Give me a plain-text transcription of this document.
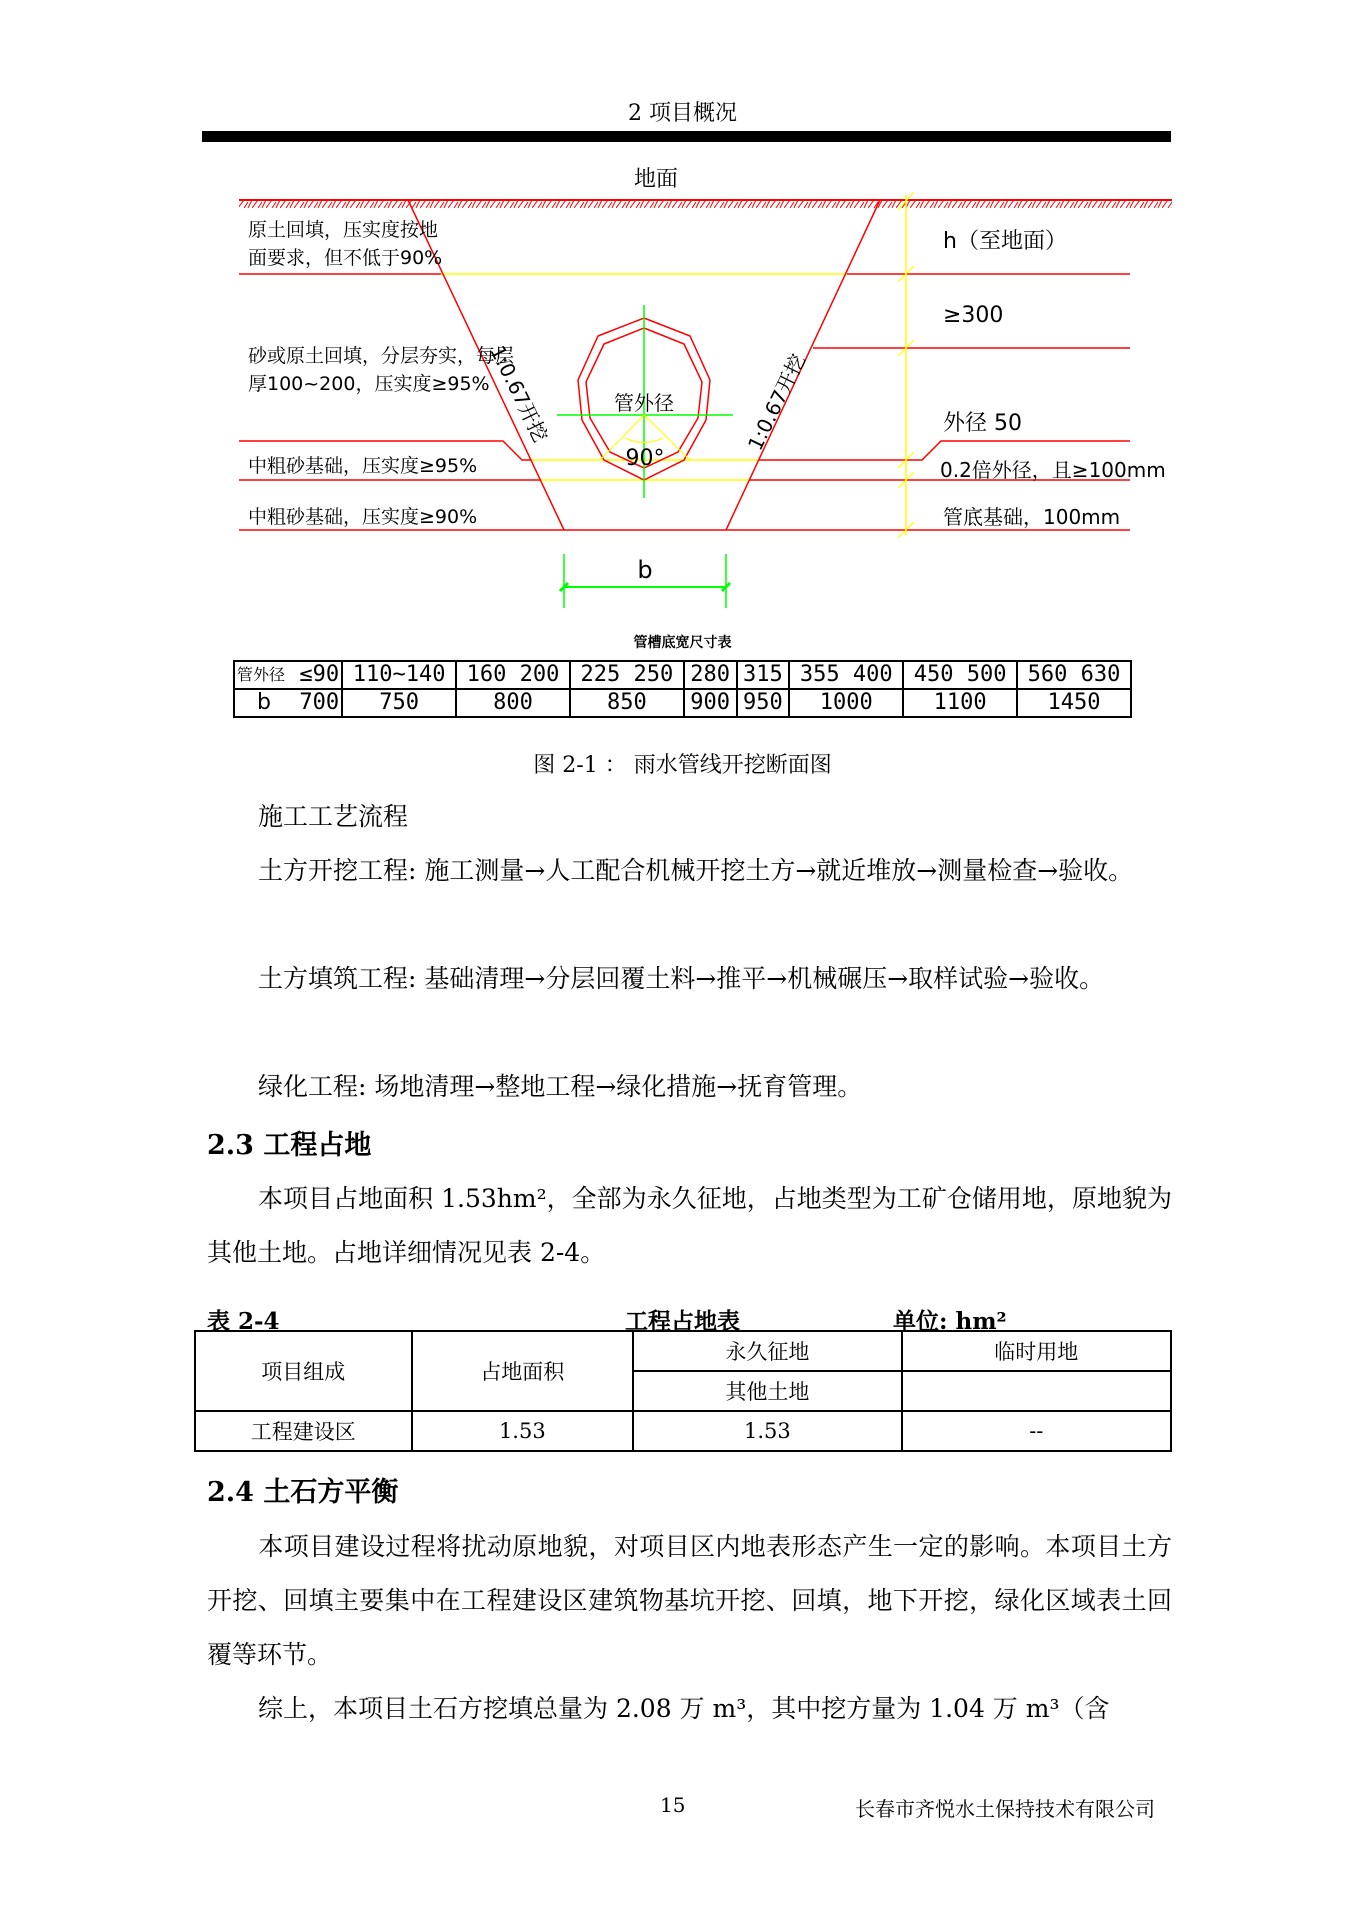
2 项目概况
地面
管外径
90°
1:0.67开挖	1:0.67开挖
原土回填，压实度按地
面要求，但不低于90%
砂或原土回填，分层夯实，每层
厚100~200，压实度≥95%
中粗砂基础，压实度≥95%
中粗砂基础，压实度≥90%
h（至地面）
≥300
外径 50
0.2倍外径，且≥100mm
管底基础，100mm
b
管槽底宽尺寸表
管外径 ≤90	110~140	160 200	225 250	280	315	355 400	450 500	560 630

b 700	750	800	850	900	950	1000	1100	1450
图 2-1 ： 雨水管线开挖断面图
施工工艺流程
土方开挖工程: 施工测量→人工配合机械开挖土方→就近堆放→测量检查→验收。
土方填筑工程: 基础清理→分层回覆土料→推平→机械碾压→取样试验→验收。
绿化工程: 场地清理→整地工程→绿化措施→抚育管理。
2.3 工程占地
本项目占地面积 1.53hm²，全部为永久征地，占地类型为工矿仓储用地，原地貌为其他土地。占地详细情况见表 2-4。
表 2-4	工程占地表	单位: hm²
项目组成	占地面积	永久征地	临时用地
		其他土地	
工程建设区	1.53	1.53	--
2.4 土石方平衡
本项目建设过程将扰动原地貌，对项目区内地表形态产生一定的影响。本项目土方开挖、回填主要集中在工程建设区建筑物基坑开挖、回填，地下开挖，绿化区域表土回覆等环节。
综上，本项目土石方挖填总量为 2.08 万 m³，其中挖方量为 1.04 万 m³（含
15	长春市齐悦水土保持技术有限公司
